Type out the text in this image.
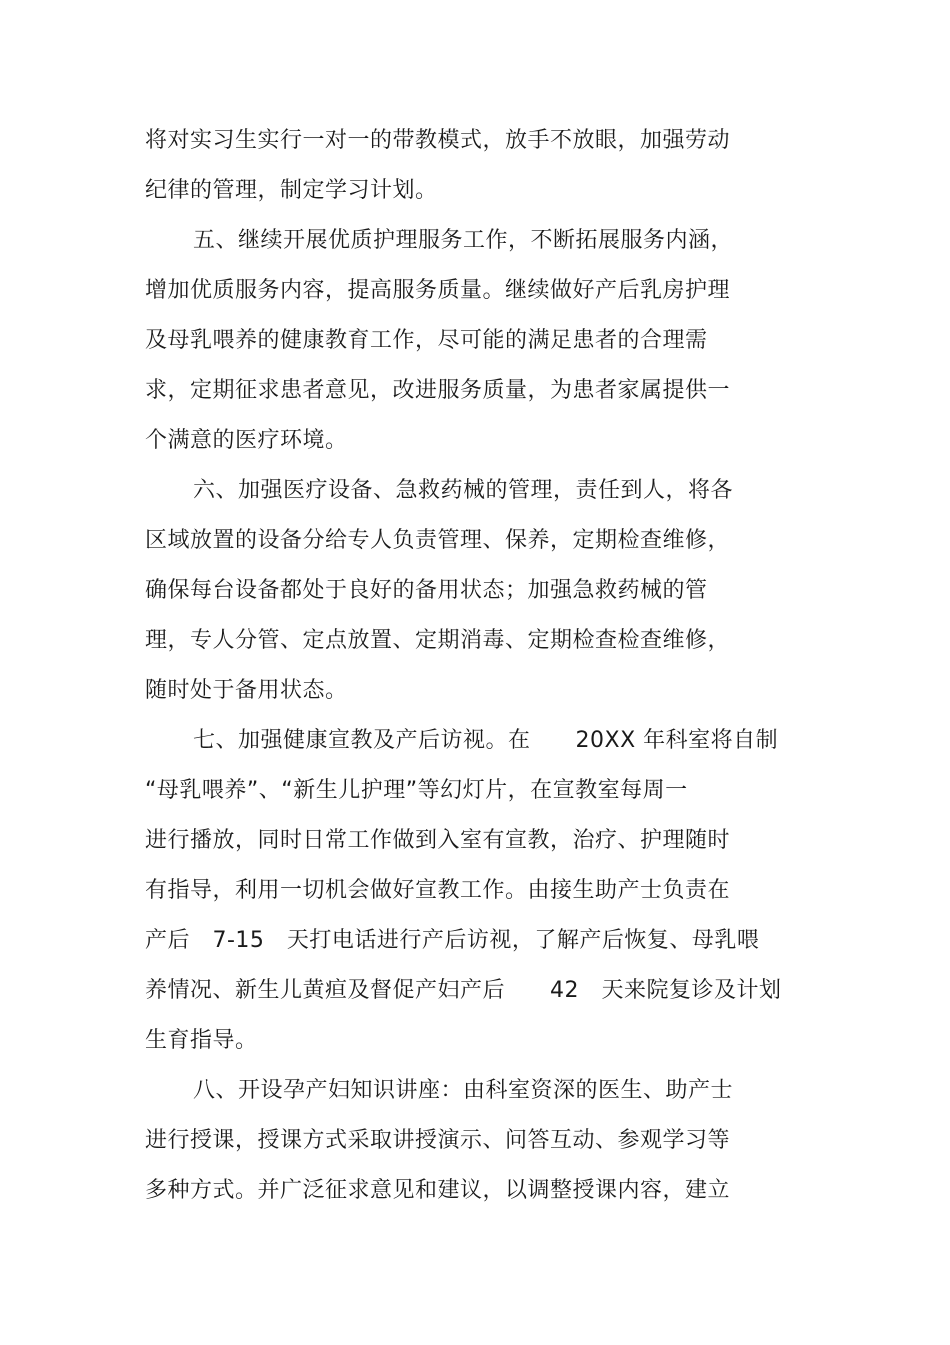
将对实习生实行一对一的带教模式，放手不放眼，加强劳动
纪律的管理，制定学习计划。
五、继续开展优质护理服务工作，不断拓展服务内涵，
增加优质服务内容，提高服务质量。继续做好产后乳房护理
及母乳喂养的健康教育工作，尽可能的满足患者的合理需
求，定期征求患者意见，改进服务质量，为患者家属提供一
个满意的医疗环境。
六、加强医疗设备、急救药械的管理，责任到人，将各
区域放置的设备分给专人负责管理、保养，定期检查维修，
确保每台设备都处于良好的备用状态；加强急救药械的管
理，专人分管、定点放置、定期消毒、定期检查检查维修，
随时处于备用状态。
七、加强健康宣教及产后访视。在　　20XX 年科室将自制
“母乳喂养”、“新生儿护理”等幻灯片，在宣教室每周一
进行播放，同时日常工作做到入室有宣教，治疗、护理随时
有指导，利用一切机会做好宣教工作。由接生助产士负责在
产后　7-15　天打电话进行产后访视，了解产后恢复、母乳喂
养情况、新生儿黄疸及督促产妇产后　　42　天来院复诊及计划
生育指导。
八、开设孕产妇知识讲座：由科室资深的医生、助产士
进行授课，授课方式采取讲授演示、问答互动、参观学习等
多种方式。并广泛征求意见和建议，以调整授课内容，建立
